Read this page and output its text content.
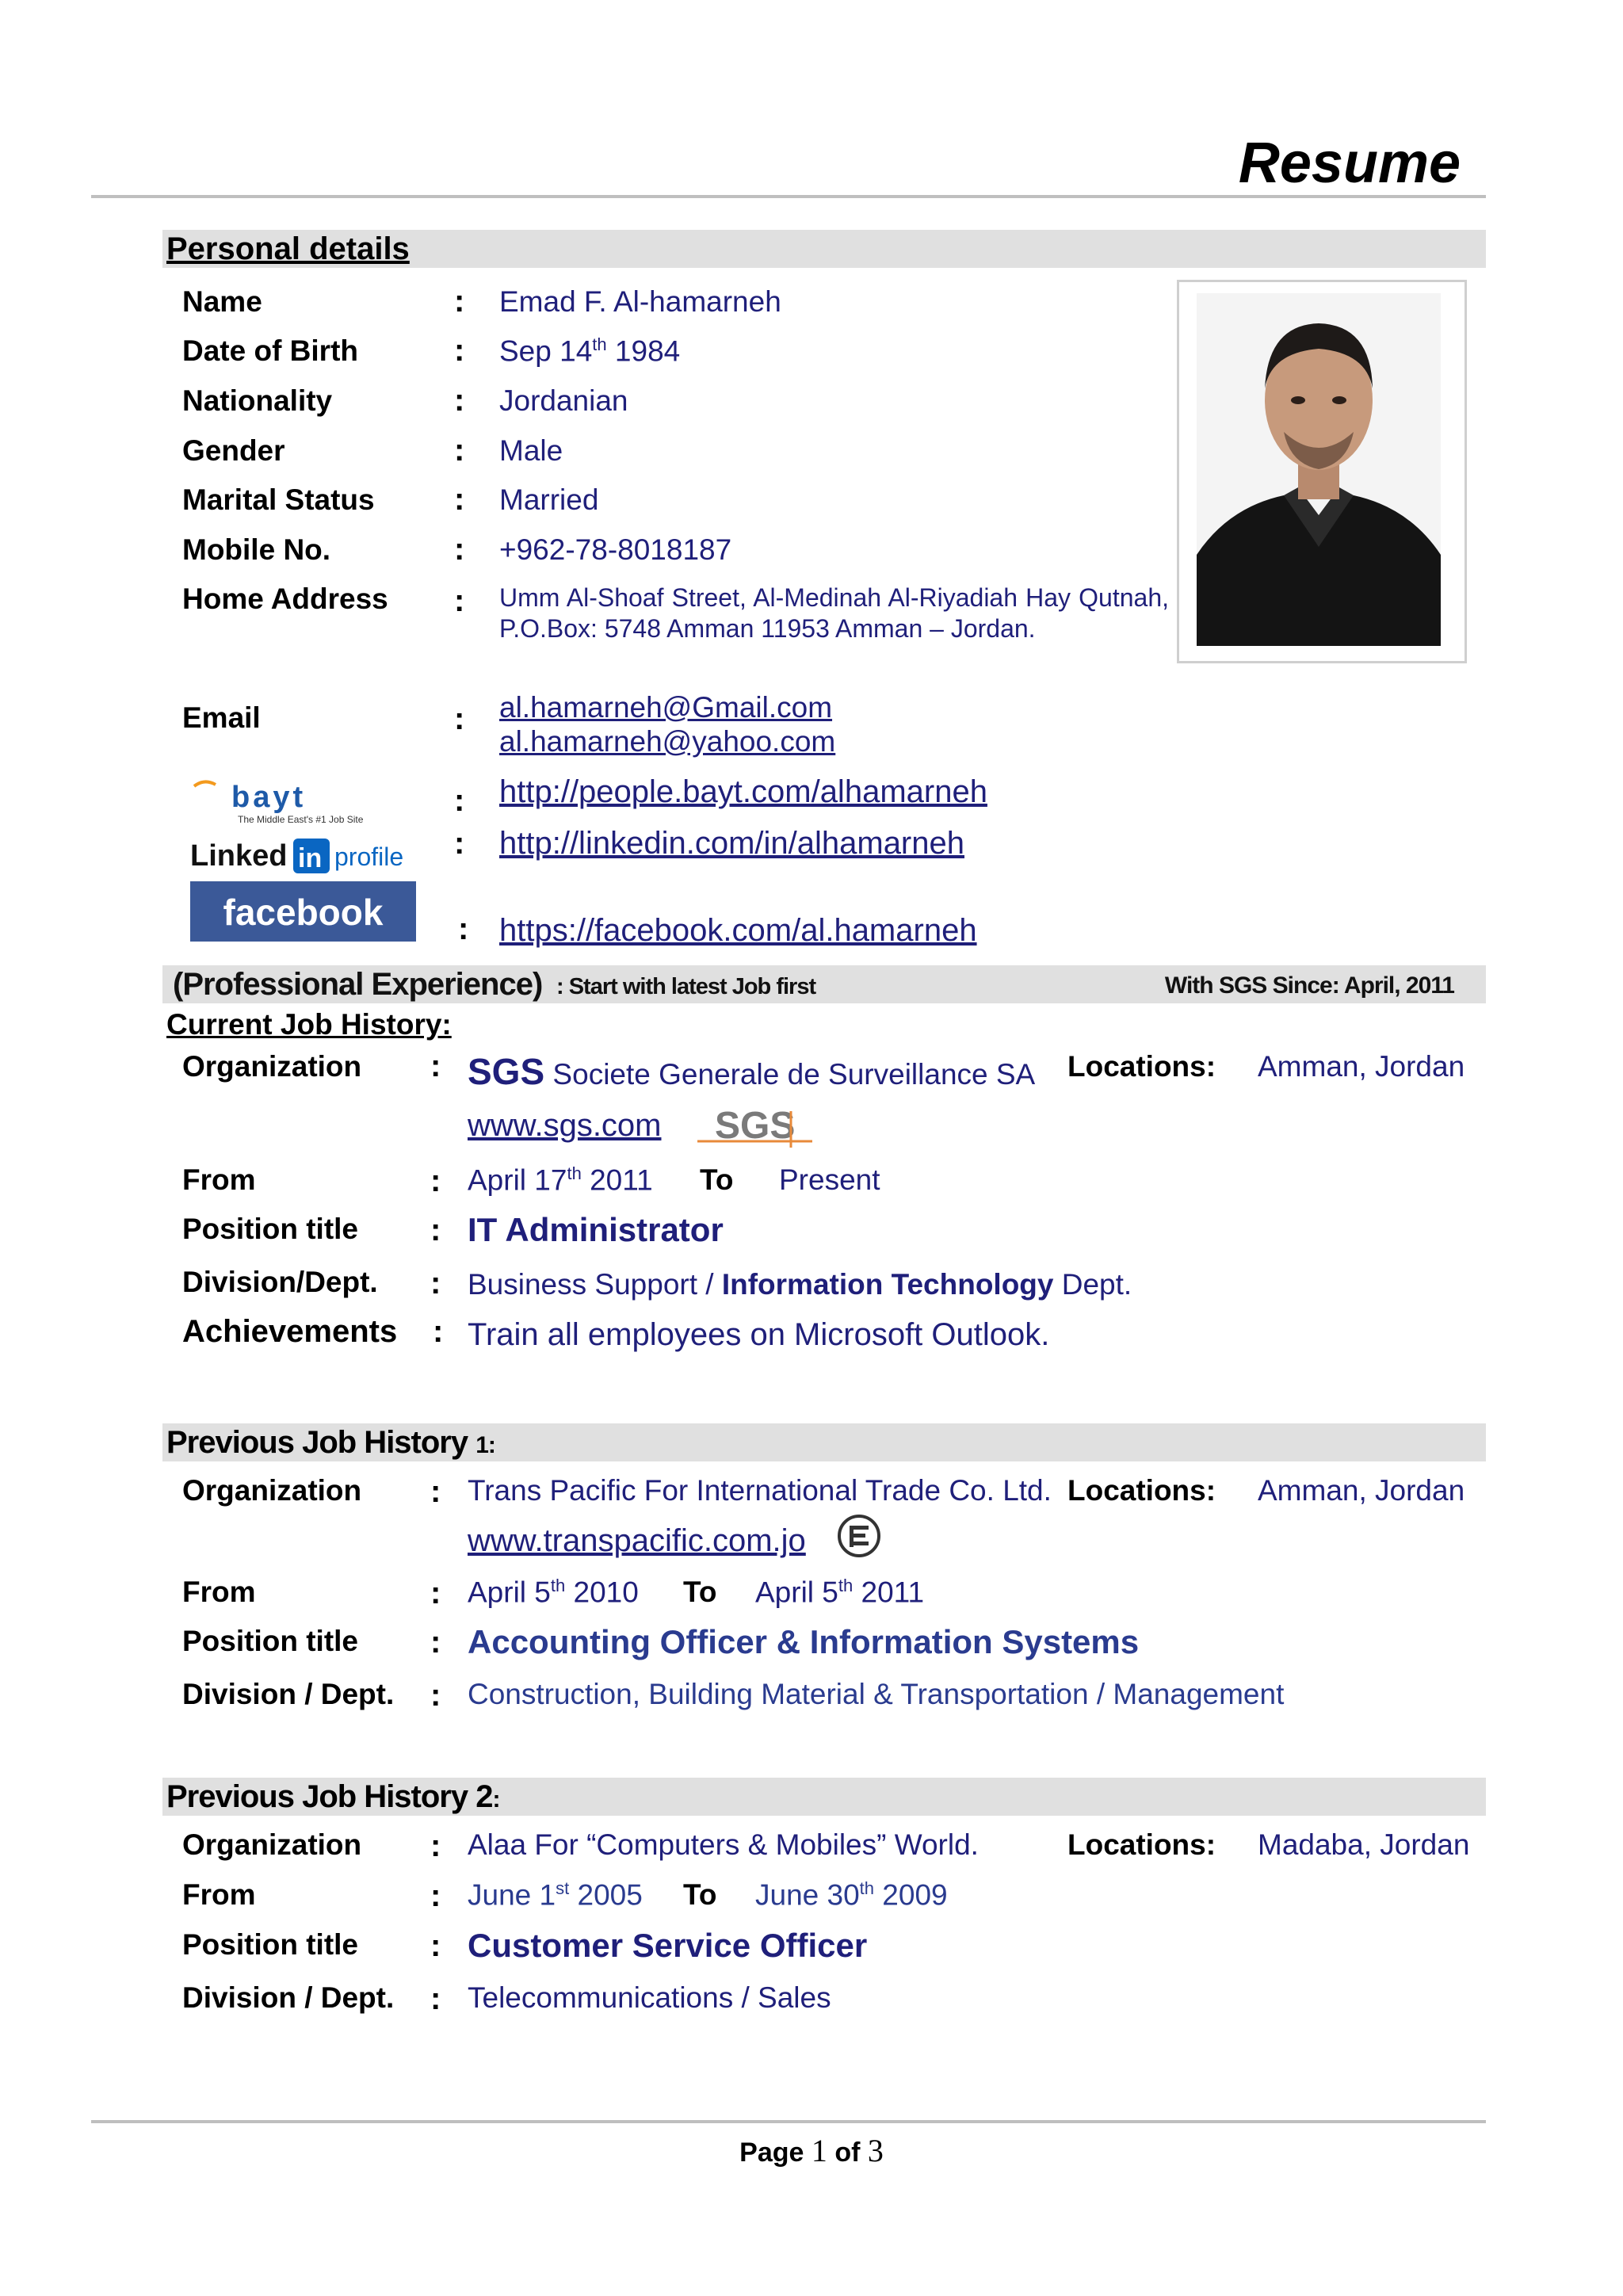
Resume
Personal details
Name	: Emad F. Al-hamarneh
Date of Birth	: Sep 14th 1984
Nationality	: Jordanian
Gender	: Male
Marital Status	: Married
Mobile No.	: +962-78-8018187
Home Address : Umm Al-Shoaf Street, Al-Medinah Al-Riyadiah Hay Qutnah, P.O.Box: 5748 Amman 11953 Amman – Jordan.
Email	: al.hamarneh@Gmail.com
al.hamarneh@yahoo.com
bayt
The Middle East's #1 Job Site
: http://people.bayt.com/alhamarneh
Linked in profile : http://linkedin.com/in/alhamarneh
facebook	: https://facebook.com/al.hamarneh
(Professional Experience) : Start with latest Job first	With SGS Since: April, 2011
Current Job History:
Organization : SGS Societe Generale de Surveillance SA Locations: Amman, Jordan
www.sgs.com SGS
From	: April 17th 2011 To Present
Position title : IT Administrator
Division/Dept. : Business Support / Information Technology Dept.
Achievements : Train all employees on Microsoft Outlook.
Previous Job History 1:
Organization : Trans Pacific For International Trade Co. Ltd. Locations: Amman, Jordan
www.transpacific.com.jo
From	: April 5th 2010 To April 5th 2011
Position title : Accounting Officer & Information Systems
Division / Dept. : Construction, Building Material & Transportation / Management
Previous Job History 2:
Organization : Alaa For “Computers & Mobiles” World.	Locations: Madaba, Jordan
From	: June 1st 2005 To June 30th 2009
Position title : Customer Service Officer
Division / Dept. : Telecommunications / Sales
Page 1 of 3
